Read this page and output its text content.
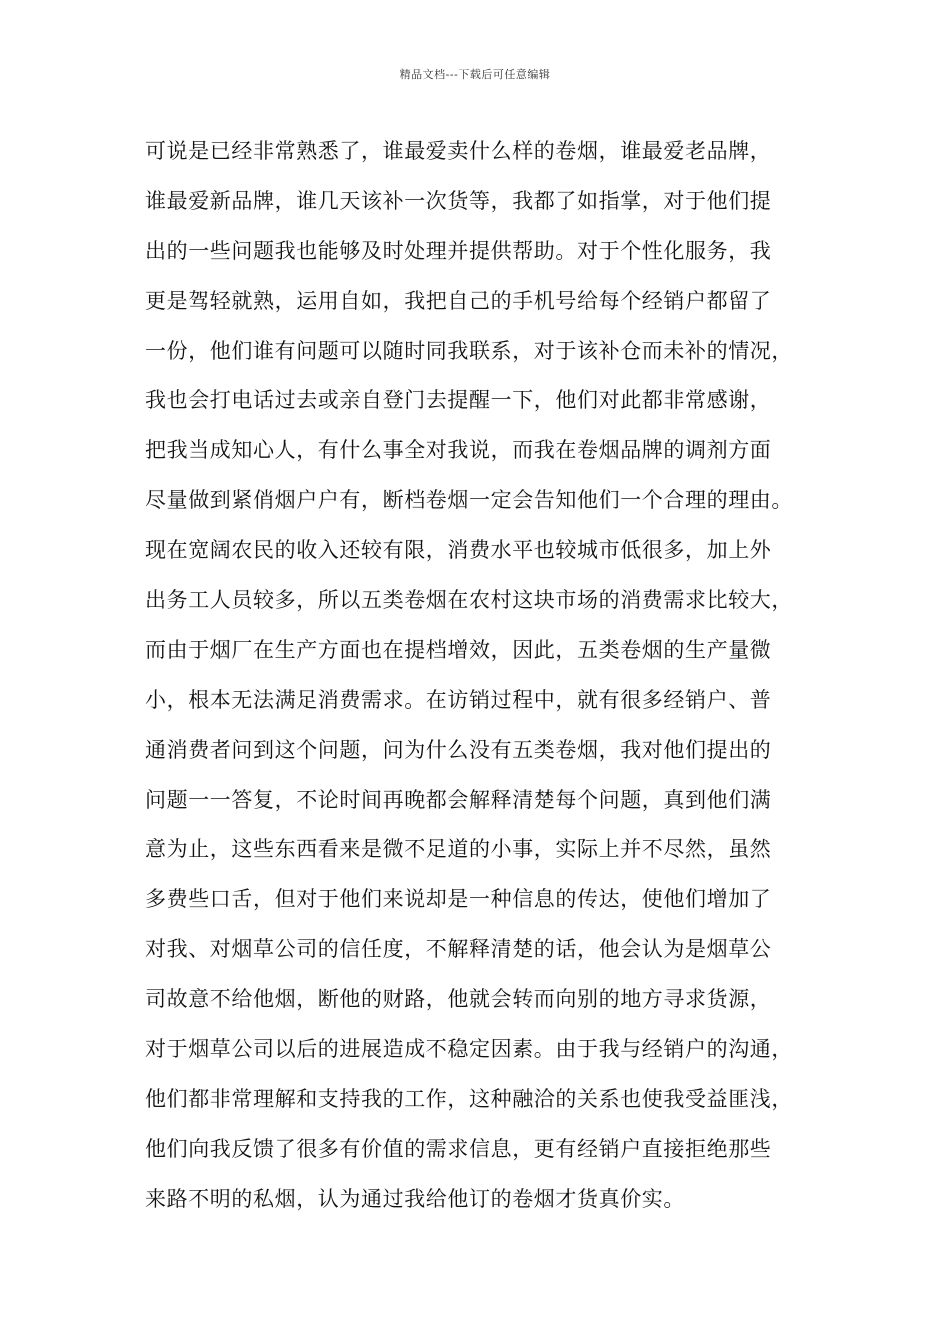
精品文档---下载后可任意编辑
可说是已经非常熟悉了，谁最爱卖什么样的卷烟，谁最爱老品牌，
谁最爱新品牌，谁几天该补一次货等，我都了如指掌，对于他们提
出的一些问题我也能够及时处理并提供帮助。对于个性化服务，我
更是驾轻就熟，运用自如，我把自己的手机号给每个经销户都留了
一份，他们谁有问题可以随时同我联系，对于该补仓而未补的情况，
我也会打电话过去或亲自登门去提醒一下，他们对此都非常感谢，
把我当成知心人，有什么事全对我说，而我在卷烟品牌的调剂方面
尽量做到紧俏烟户户有，断档卷烟一定会告知他们一个合理的理由。
现在宽阔农民的收入还较有限，消费水平也较城市低很多，加上外
出务工人员较多，所以五类卷烟在农村这块市场的消费需求比较大，
而由于烟厂在生产方面也在提档增效，因此，五类卷烟的生产量微
小，根本无法满足消费需求。在访销过程中，就有很多经销户、普
通消费者问到这个问题，问为什么没有五类卷烟，我对他们提出的
问题一一答复，不论时间再晚都会解释清楚每个问题，真到他们满
意为止，这些东西看来是微不足道的小事，实际上并不尽然，虽然
多费些口舌，但对于他们来说却是一种信息的传达，使他们增加了
对我、对烟草公司的信任度，不解释清楚的话，他会认为是烟草公
司故意不给他烟，断他的财路，他就会转而向别的地方寻求货源，
对于烟草公司以后的进展造成不稳定因素。由于我与经销户的沟通，
他们都非常理解和支持我的工作，这种融洽的关系也使我受益匪浅，
他们向我反馈了很多有价值的需求信息，更有经销户直接拒绝那些
来路不明的私烟，认为通过我给他订的卷烟才货真价实。
